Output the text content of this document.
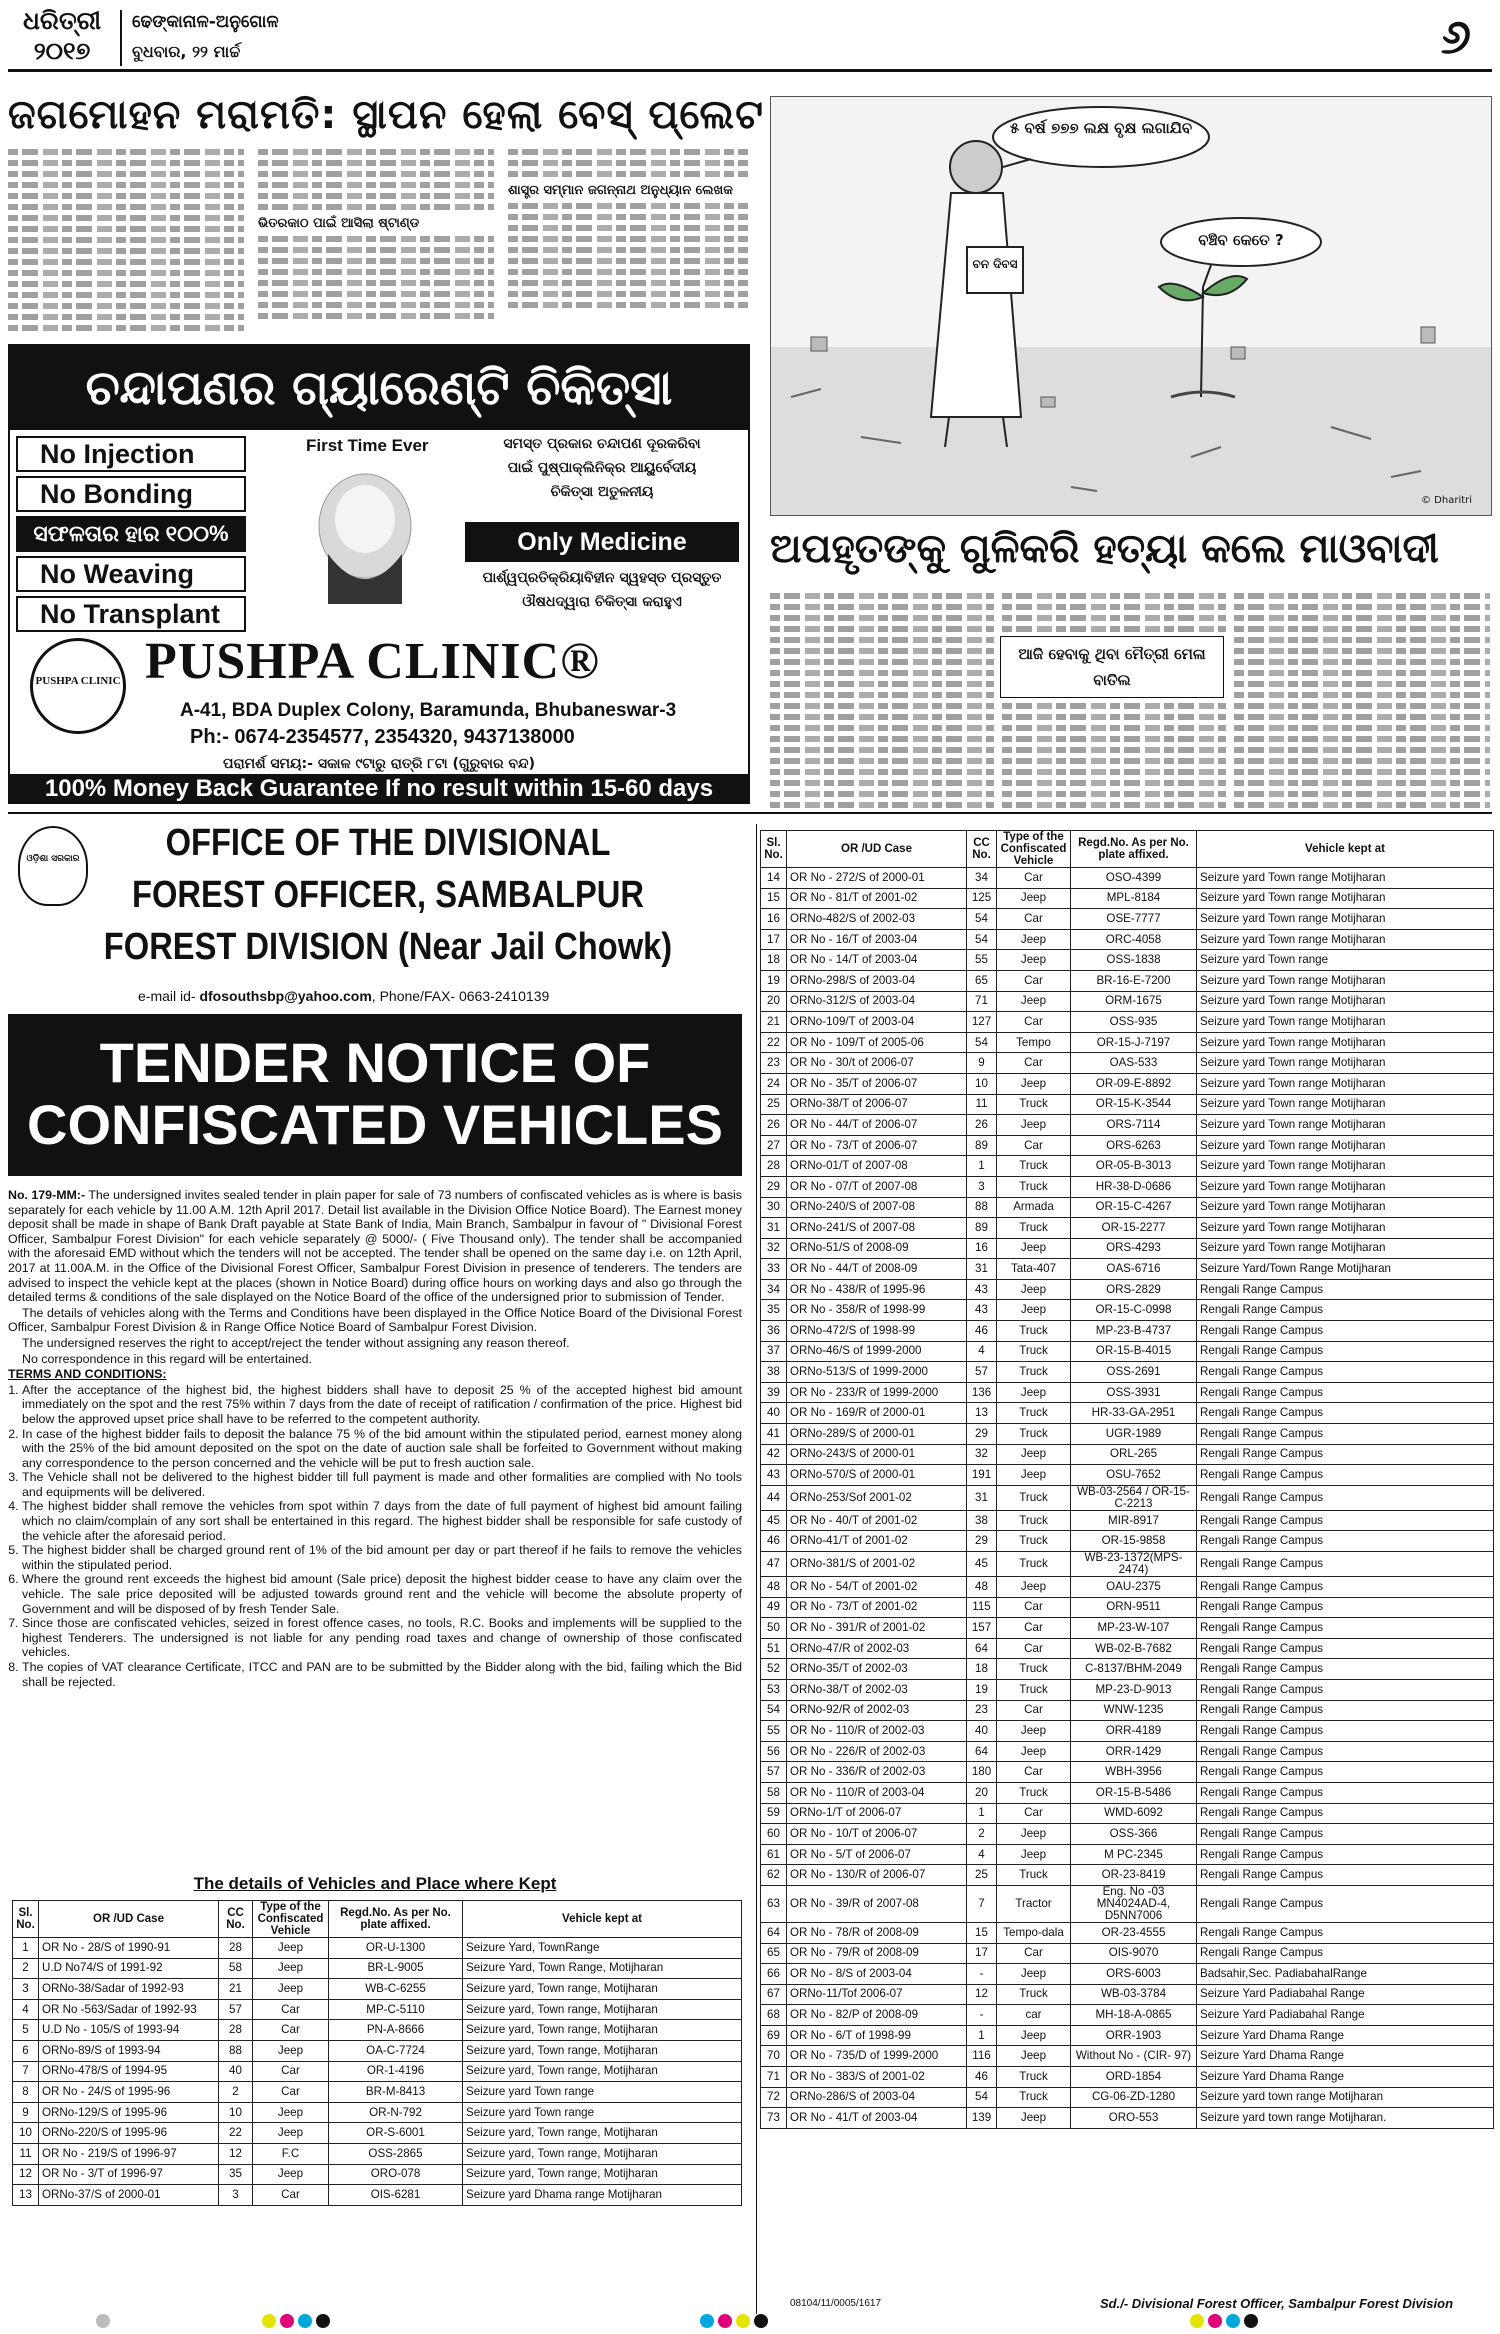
ଧରିତ୍ରୀ
୨୦୧୭
ଢେଙ୍କାନାଳ-ଅନୁଗୋଳ
ବୁଧବାର, ୨୨ ମାର୍ଚ୍ଚ	୬
ଜଗମୋହନ ମରାମତି: ସ୍ଥାପନ ହେଲା ବେସ୍ ପ୍ଲେଟ
ଭିତରକାଠ ପାଇଁ ଆସିଲା ଷ୍ଟାଣ୍ଡ
ଶାସ୍ତ୍ର ସମ୍ମାନ ଜଗନ୍ନାଥ ଅନୁଧ୍ୟାନ ଲେଖକ
ଚନ୍ଦାପଣର ଗ୍ୟାରେଣ୍ଟି ଚିକିତ୍ସା
No Injection
No Bonding
ସଫଳତାର ହାର ୧୦୦%
No Weaving
No Transplant
First Time Ever	ସମସ୍ତ ପ୍ରକାର ଚନ୍ଦାପଣ ଦୂରକରିବା
ପାଇଁ ପୁଷ୍ପାକ୍ଲିନିକ୍‌ର ଆୟୁର୍ବେଦୀୟ
ଚିକିତ୍ସା ଅତୁଳନୀୟ
Only Medicine
ପାର୍ଶ୍ୱପ୍ରତିକ୍ରିୟାବିହୀନ ସ୍ୱହସ୍ତ ପ୍ରସ୍ତୁତ
ଔଷଧଦ୍ୱାରା ଚିକିତ୍ସା କରାହୁଏ
PUSHPA CLINIC PUSHPA CLINIC®
A-41, BDA Duplex Colony, Baramunda, Bhubaneswar-3
Ph:- 0674-2354577, 2354320, 9437138000
ପରାମର୍ଶ ସମୟ:- ସକାଳ ୯ଟାରୁ ରାତ୍ରି ୮ଟା (ଗୁରୁବାର ବନ୍ଦ)
100% Money Back Guarantee If no result within 15-60 days
୫ ବର୍ଷ ୭୭୭ ଲକ୍ଷ ବୃକ୍ଷ ଲଗାଯିବ
ବଞ୍ଚିବ କେତେ ?
ବନ ଦିବସ
© Dharitri
ଅପହୃତଙ୍କୁ ଗୁଳିକରି ହତ୍ୟା କଲେ ମାଓବାଦୀ
ଆଜି ହେବାକୁ ଥିବା ମୈତ୍ରୀ ମେଳା ବାତିଲ
ଓଡ଼ିଶା ସରକାର	OFFICE OF THE DIVISIONAL
FOREST OFFICER, SAMBALPUR
FOREST DIVISION (Near Jail Chowk)
e-mail id- dfosouthsbp@yahoo.com, Phone/FAX- 0663-2410139
TENDER NOTICE OF
CONFISCATED VEHICLES

No. 179-MM:- The undersigned invites sealed tender in plain paper for sale of 73 numbers of confiscated vehicles as is where is basis separately for each vehicle by 11.00 A.M. 12th April 2017. Detail list available in the Division Office Notice Board). The Earnest money deposit shall be made in shape of Bank Draft payable at State Bank of India, Main Branch, Sambalpur in favour of " Divisional Forest Officer, Sambalpur Forest Division" for each vehicle separately @ 5000/- ( Five Thousand only). The tender shall be accompanied with the aforesaid EMD without which the tenders will not be accepted. The tender shall be opened on the same day i.e. on 12th April, 2017 at 11.00A.M. in the Office of the Divisional Forest Officer, Sambalpur Forest Division in presence of tenderers. The tenders are advised to inspect the vehicle kept at the places (shown in Notice Board) during office hours on working days and also go through the detailed terms & conditions of the sale displayed on the Notice Board of the office of the undersigned prior to submission of Tender.

The details of vehicles along with the Terms and Conditions have been displayed in the Office Notice Board of the Divisional Forest Officer, Sambalpur Forest Division & in Range Office Notice Board of Sambalpur Forest Division.

The undersigned reserves the right to accept/reject the tender without assigning any reason thereof.

No correspondence in this regard will be entertained.

TERMS AND CONDITIONS:

1. After the acceptance of the highest bid, the highest bidders shall have to deposit 25 % of the accepted highest bid amount immediately on the spot and the rest 75% within 7 days from the date of receipt of ratification / confirmation of the price. Highest bid below the approved upset price shall have to be referred to the competent authority.
2. In case of the highest bidder fails to deposit the balance 75 % of the bid amount within the stipulated period, earnest money along with the 25% of the bid amount deposited on the spot on the date of auction sale shall be forfeited to Government without making any correspondence to the person concerned and the vehicle will be put to fresh auction sale.
3. The Vehicle shall not be delivered to the highest bidder till full payment is made and other formalities are complied with No tools and equipments will be delivered.
4. The highest bidder shall remove the vehicles from spot within 7 days from the date of full payment of highest bid amount failing which no claim/complain of any sort shall be entertained in this regard. The highest bidder shall be responsible for safe custody of the vehicle after the aforesaid period.
5. The highest bidder shall be charged ground rent of 1% of the bid amount per day or part thereof if he fails to remove the vehicles within the stipulated period.
6. Where the ground rent exceeds the highest bid amount (Sale price) deposit the highest bidder cease to have any claim over the vehicle. The sale price deposited will be adjusted towards ground rent and the vehicle will become the absolute property of Government and will be disposed of by fresh Tender Sale.
7. Since those are confiscated vehicles, seized in forest offence cases, no tools, R.C. Books and implements will be supplied to the highest Tenderers. The undersigned is not liable for any pending road taxes and change of ownership of those confiscated vehicles.
8. The copies of VAT clearance Certificate, ITCC and PAN are to be submitted by the Bidder along with the bid, failing which the Bid shall be rejected.
The details of Vehicles and Place where Kept
Sl. No.	OR /UD Case	CC No.	Type of the Confiscated Vehicle	Regd.No. As per No. plate affixed.	Vehicle kept at
1	OR No - 28/S of 1990-91	28	Jeep	OR-U-1300	Seizure Yard, TownRange
2	U.D No74/S of 1991-92	58	Jeep	BR-L-9005	Seizure Yard, Town Range, Motijharan
3	ORNo-38/Sadar of 1992-93	21	Jeep	WB-C-6255	Seizure yard, Town range, Motijharan
4	OR No -563/Sadar of 1992-93	57	Car	MP-C-5110	Seizure yard, Town range, Motijharan
5	U.D No - 105/S of 1993-94	28	Car	PN-A-8666	Seizure yard, Town range, Motijharan
6	ORNo-89/S of 1993-94	88	Jeep	OA-C-7724	Seizure yard, Town range, Motijharan
7	ORNo-478/S of 1994-95	40	Car	OR-1-4196	Seizure yard, Town range, Motijharan
8	OR No - 24/S of 1995-96	2	Car	BR-M-8413	Seizure yard Town range
9	ORNo-129/S of 1995-96	10	Jeep	OR-N-792	Seizure yard Town range
10	ORNo-220/S of 1995-96	22	Jeep	OR-S-6001	Seizure yard, Town range, Motijharan
11	OR No - 219/S of 1996-97	12	F.C	OSS-2865	Seizure yard, Town range, Motijharan
12	OR No - 3/T of 1996-97	35	Jeep	ORO-078	Seizure yard, Town range, Motijharan
13	ORNo-37/S of 2000-01	3	Car	OIS-6281	Seizure yard Dhama range Motijharan
Sl. No.	OR /UD Case	CC No.	Type of the Confiscated Vehicle	Regd.No. As per No. plate affixed.	Vehicle kept at
14	OR No - 272/S of 2000-01	34	Car	OSO-4399	Seizure yard Town range Motijharan
15	OR No - 81/T of 2001-02	125	Jeep	MPL-8184	Seizure yard Town range Motijharan
16	ORNo-482/S of 2002-03	54	Car	OSE-7777	Seizure yard Town range Motijharan
17	OR No - 16/T of 2003-04	54	Jeep	ORC-4058	Seizure yard Town range Motijharan
18	OR No - 14/T of 2003-04	55	Jeep	OSS-1838	Seizure yard Town range
19	ORNo-298/S of 2003-04	65	Car	BR-16-E-7200	Seizure yard Town range Motijharan
20	ORNo-312/S of 2003-04	71	Jeep	ORM-1675	Seizure yard Town range Motijharan
21	ORNo-109/T of 2003-04	127	Car	OSS-935	Seizure yard Town range Motijharan
22	OR No - 109/T of 2005-06	54	Tempo	OR-15-J-7197	Seizure yard Town range Motijharan
23	OR No - 30/t of 2006-07	9	Car	OAS-533	Seizure yard Town range Motijharan
24	OR No - 35/T of 2006-07	10	Jeep	OR-09-E-8892	Seizure yard Town range Motijharan
25	ORNo-38/T of 2006-07	11	Truck	OR-15-K-3544	Seizure yard Town range Motijharan
26	OR No - 44/T of 2006-07	26	Jeep	ORS-7114	Seizure yard Town range Motijharan
27	OR No - 73/T of 2006-07	89	Car	ORS-6263	Seizure yard Town range Motijharan
28	ORNo-01/T of 2007-08	1	Truck	OR-05-B-3013	Seizure yard Town range Motijharan
29	OR No - 07/T of 2007-08	3	Truck	HR-38-D-0686	Seizure yard Town range Motijharan
30	ORNo-240/S of 2007-08	88	Armada	OR-15-C-4267	Seizure yard Town range Motijharan
31	ORNo-241/S of 2007-08	89	Truck	OR-15-2277	Seizure yard Town range Motijharan
32	ORNo-51/S of 2008-09	16	Jeep	ORS-4293	Seizure yard Town range Motijharan
33	OR No - 44/T of 2008-09	31	Tata-407	OAS-6716	Seizure Yard/Town Range Motijharan
34	OR No - 438/R of 1995-96	43	Jeep	ORS-2829	Rengali Range Campus
35	OR No - 358/R of 1998-99	43	Jeep	OR-15-C-0998	Rengali Range Campus
36	ORNo-472/S of 1998-99	46	Truck	MP-23-B-4737	Rengali Range Campus
37	ORNo-46/S of 1999-2000	4	Truck	OR-15-B-4015	Rengali Range Campus
38	ORNo-513/S of 1999-2000	57	Truck	OSS-2691	Rengali Range Campus
39	OR No - 233/R of 1999-2000	136	Jeep	OSS-3931	Rengali Range Campus
40	OR No - 169/R of 2000-01	13	Truck	HR-33-GA-2951	Rengali Range Campus
41	ORNo-289/S of 2000-01	29	Truck	UGR-1989	Rengali Range Campus
42	ORNo-243/S of 2000-01	32	Jeep	ORL-265	Rengali Range Campus
43	ORNo-570/S of 2000-01	191	Jeep	OSU-7652	Rengali Range Campus
44	ORNo-253/Sof 2001-02	31	Truck	WB-03-2564 / OR-15-C-2213	Rengali Range Campus
45	OR No - 40/T of 2001-02	38	Truck	MIR-8917	Rengali Range Campus
46	ORNo-41/T of 2001-02	29	Truck	OR-15-9858	Rengali Range Campus
47	ORNo-381/S of 2001-02	45	Truck	WB-23-1372(MPS-2474)	Rengali Range Campus
48	OR No - 54/T of 2001-02	48	Jeep	OAU-2375	Rengali Range Campus
49	OR No - 73/T of 2001-02	115	Car	ORN-9511	Rengali Range Campus
50	OR No - 391/R of 2001-02	157	Car	MP-23-W-107	Rengali Range Campus
51	ORNo-47/R of 2002-03	64	Car	WB-02-B-7682	Rengali Range Campus
52	ORNo-35/T of 2002-03	18	Truck	C-8137/BHM-2049	Rengali Range Campus
53	ORNo-38/T of 2002-03	19	Truck	MP-23-D-9013	Rengali Range Campus
54	ORNo-92/R of 2002-03	23	Car	WNW-1235	Rengali Range Campus
55	OR No - 110/R of 2002-03	40	Jeep	ORR-4189	Rengali Range Campus
56	OR No - 226/R of 2002-03	64	Jeep	ORR-1429	Rengali Range Campus
57	OR No - 336/R of 2002-03	180	Car	WBH-3956	Rengali Range Campus
58	OR No - 110/R of 2003-04	20	Truck	OR-15-B-5486	Rengali Range Campus
59	ORNo-1/T of 2006-07	1	Car	WMD-6092	Rengali Range Campus
60	OR No - 10/T of 2006-07	2	Jeep	OSS-366	Rengali Range Campus
61	OR No - 5/T of 2006-07	4	Jeep	M PC-2345	Rengali Range Campus
62	OR No - 130/R of 2006-07	25	Truck	OR-23-8419	Rengali Range Campus
63	OR No - 39/R of 2007-08	7	Tractor	Eng. No -03 MN4024AD-4, D5NN7006	Rengali Range Campus
64	OR No - 78/R of 2008-09	15	Tempo-dala	OR-23-4555	Rengali Range Campus
65	OR No - 79/R of 2008-09	17	Car	OIS-9070	Rengali Range Campus
66	OR No - 8/S of 2003-04	-	Jeep	ORS-6003	Badsahir,Sec. PadiabahalRange
67	ORNo-11/Tof 2006-07	12	Truck	WB-03-3784	Seizure Yard Padiabahal Range
68	OR No - 82/P of 2008-09	-	car	MH-18-A-0865	Seizure Yard Padiabahal Range
69	OR No - 6/T of 1998-99	1	Jeep	ORR-1903	Seizure Yard Dhama Range
70	OR No - 735/D of 1999-2000	116	Jeep	Without No - (CIR- 97)	Seizure Yard Dhama Range
71	OR No - 383/S of 2001-02	46	Truck	ORD-1854	Seizure Yard Dhama Range
72	ORNo-286/S of 2003-04	54	Truck	CG-06-ZD-1280	Seizure yard town range Motijharan
73	OR No - 41/T of 2003-04	139	Jeep	ORO-553	Seizure yard town range Motijharan.
08104/11/0005/1617	Sd./- Divisional Forest Officer, Sambalpur Forest Division
